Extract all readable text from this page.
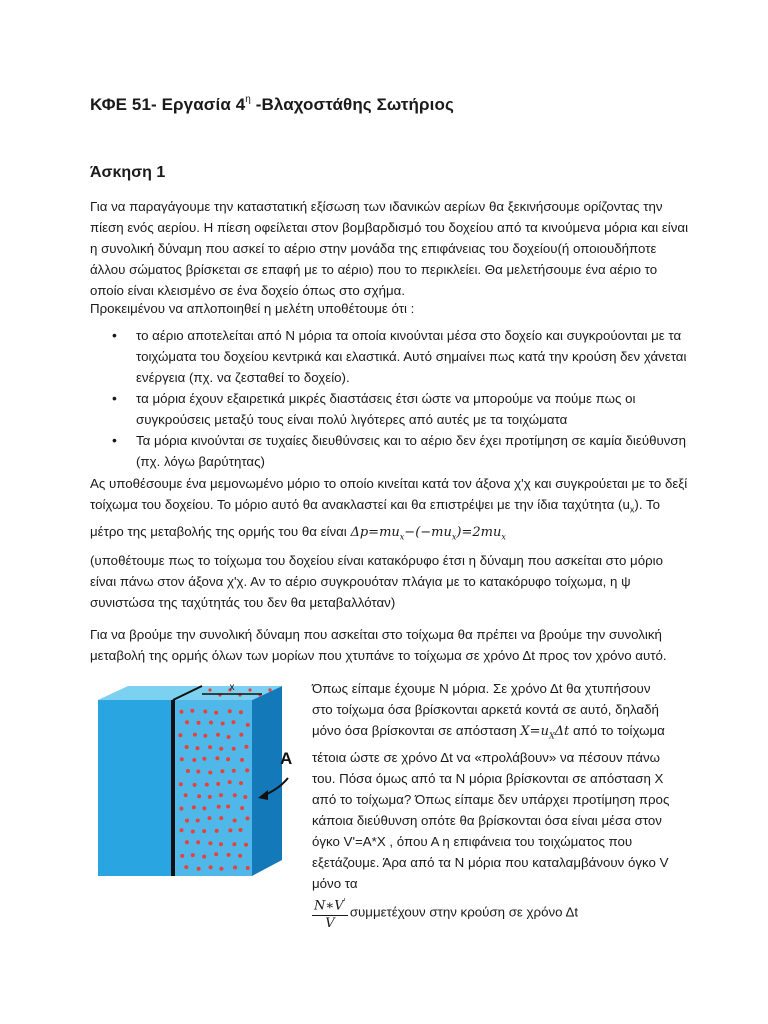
ΚΦΕ 51- Εργασία $4^\eta$ -Βλαχοστάθης Σωτήριος
Άσκηση 1

Για να παραγάγουμε την καταστατική εξίσωση των ιδανικών αερίων θα ξεκινήσουμε ορίζοντας την πίεση ενός αερίου. Η πίεση οφείλεται στον βομβαρδισμό του δοχείου από τα κινούμενα μόρια και είναι η συνολική δύναμη που ασκεί το αέριο στην μονάδα της επιφάνειας του δοχείου(ή οποιουδήποτε άλλου σώματος βρίσκεται σε επαφή με το αέριο) που το περικλείει. Θα μελετήσουμε ένα αέριο το οποίο είναι κλεισμένο σε ένα δοχείο όπως στο σχήμα.

Προκειμένου να απλοποιηθεί η μελέτη υποθέτουμε ότι :

• το αέριο αποτελείται από Ν μόρια τα οποία κινούνται μέσα στο δοχείο και συγκρούονται με τα τοιχώματα του δοχείου κεντρικά και ελαστικά. Αυτό σημαίνει πως κατά την κρούση δεν χάνεται ενέργεια (πχ. να ζεσταθεί το δοχείο).
• τα μόρια έχουν εξαιρετικά μικρές διαστάσεις έτσι ώστε να μπορούμε να πούμε πως οι συγκρούσεις μεταξύ τους είναι πολύ λιγότερες από αυτές με τα τοιχώματα
• Τα μόρια κινούνται σε τυχαίες διευθύνσεις και το αέριο δεν έχει προτίμηση σε καμία διεύθυνση (πχ. λόγω βαρύτητας)

Ας υποθέσουμε ένα μεμονωμένο μόριο το οποίο κινείται κατά τον άξονα χ'χ και συγκρούεται με το δεξί τοίχωμα του δοχείου. Το μόριο αυτό θα ανακλαστεί και θα επιστρέψει με την ίδια ταχύτητα $(u_x)$. Το μέτρο της μεταβολής της ορμής του θα είναι $\Delta p=mu_x-(-mu_x)=2mu_x$

(υποθέτουμε πως το τοίχωμα του δοχείου είναι κατακόρυφο έτσι η δύναμη που ασκείται στο μόριο είναι πάνω στον άξονα χ'χ. Αν το αέριο συγκρουόταν πλάγια με το κατακόρυφο τοίχωμα, η ψ συνιστώσα της ταχύτητάς του δεν θα μεταβαλλόταν)

Για να βρούμε την συνολική δύναμη που ασκείται στο τοίχωμα θα πρέπει να βρούμε την συνολική μεταβολή της ορμής όλων των μορίων που χτυπάνε το τοίχωμα σε χρόνο Δt προς τον χρόνο αυτό.

x
A

Όπως είπαμε έχουμε Ν μόρια. Σε χρόνο Δt θα χτυπήσουν στο τοίχωμα όσα βρίσκονται αρκετά κοντά σε αυτό, δηλαδή μόνο όσα βρίσκονται σε απόσταση $X=u_X\Delta t$ από το τοίχωμα τέτοια ώστε σε χρόνο Δt να «προλάβουν» να πέσουν πάνω του. Πόσα όμως από τα Ν μόρια βρίσκονται σε απόσταση Χ από το τοίχωμα? Όπως είπαμε δεν υπάρχει προτίμηση προς κάποια διεύθυνση οπότε θα βρίσκονται όσα είναι μέσα στον όγκο V'=A*X , όπου Α η επιφάνεια του τοιχώματος που εξετάζουμε. Άρα από τα Ν μόρια που καταλαμβάνουν όγκο V μόνο τα

$\frac{N∗V'}{V}$ συμμετέχουν στην κρούση σε χρόνο Δt
